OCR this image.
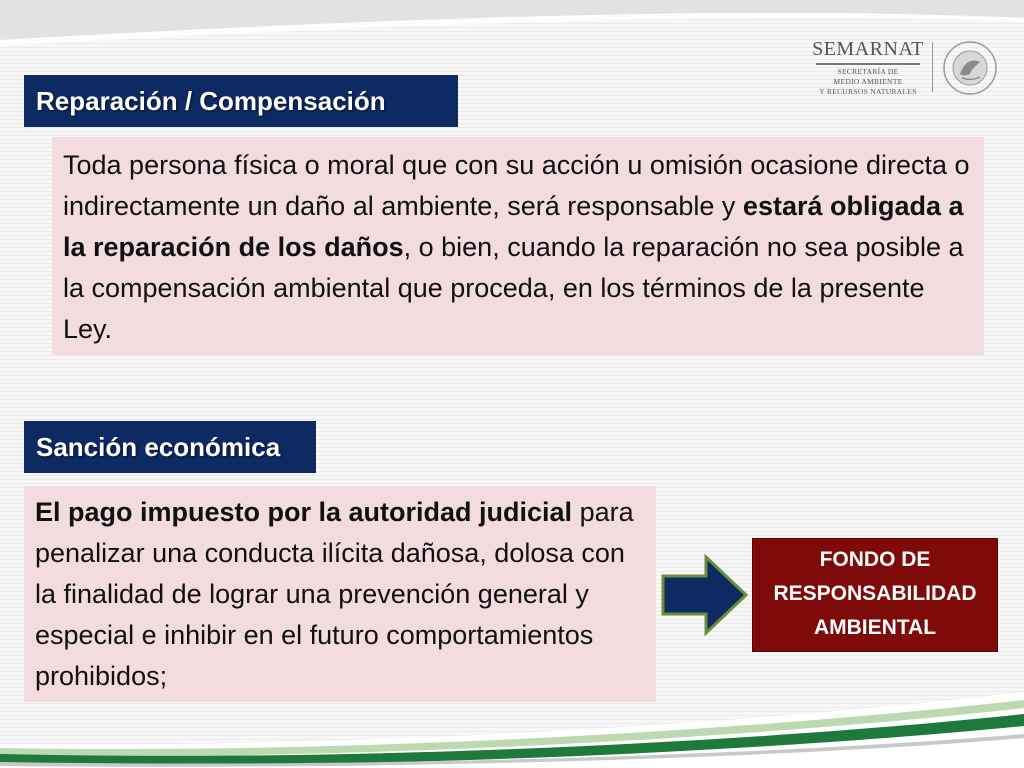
SEMARNAT
SECRETARÍA DE
MEDIO AMBIENTE
Y RECURSOS NATURALES
Reparación / Compensación
Toda persona física o moral que con su acción u omisión ocasione directa o indirectamente un daño al ambiente, será responsable y estará obligada a la reparación de los daños, o bien, cuando la reparación no sea posible a la compensación ambiental que proceda, en los términos de la presente Ley.
Sanción económica
El pago impuesto por la autoridad judicial para penalizar una conducta ilícita dañosa, dolosa con la finalidad de lograr una prevención general y especial e inhibir en el futuro comportamientos prohibidos;
FONDO DE
RESPONSABILIDAD
AMBIENTAL
